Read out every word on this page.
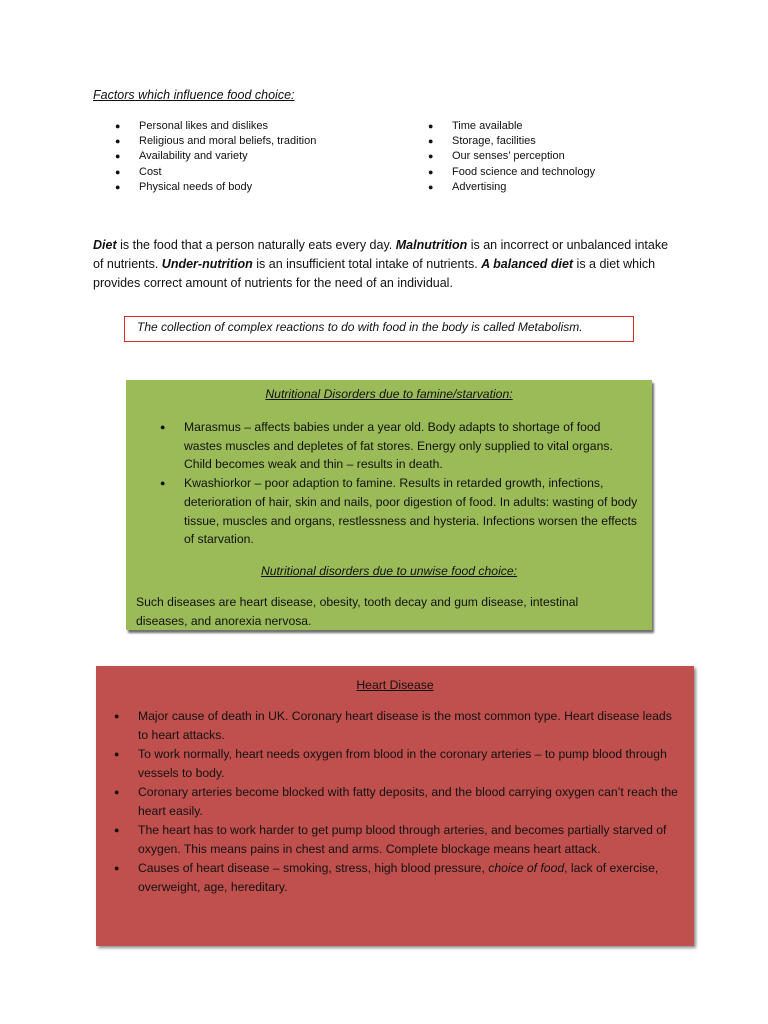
Factors which influence food choice:
●	Personal likes and dislikes
●	Religious and moral beliefs, tradition
●	Availability and variety
●	Cost
●	Physical needs of body
●	Time available
●	Storage, facilities
●	Our senses’ perception
●	Food science and technology
●	Advertising
Diet is the food that a person naturally eats every day. Malnutrition is an incorrect or unbalanced intake of nutrients. Under-nutrition is an insufficient total intake of nutrients. A balanced diet is a diet which provides correct amount of nutrients for the need of an individual.
The collection of complex reactions to do with food in the body is called Metabolism.
Nutritional Disorders due to famine/starvation:
●	Marasmus – affects babies under a year old. Body adapts to shortage of food wastes muscles and depletes of fat stores. Energy only supplied to vital organs. Child becomes weak and thin – results in death.
●	Kwashiorkor – poor adaption to famine. Results in retarded growth, infections, deterioration of hair, skin and nails, poor digestion of food. In adults: wasting of body tissue, muscles and organs, restlessness and hysteria. Infections worsen the effects of starvation.
Nutritional disorders due to unwise food choice:
Such diseases are heart disease, obesity, tooth decay and gum disease, intestinal diseases, and anorexia nervosa.
Heart Disease
●	Major cause of death in UK. Coronary heart disease is the most common type. Heart disease leads to heart attacks.
●	To work normally, heart needs oxygen from blood in the coronary arteries – to pump blood through vessels to body.
●	Coronary arteries become blocked with fatty deposits, and the blood carrying oxygen can’t reach the heart easily.
●	The heart has to work harder to get pump blood through arteries, and becomes partially starved of oxygen. This means pains in chest and arms. Complete blockage means heart attack.
●	Causes of heart disease – smoking, stress, high blood pressure, choice of food, lack of exercise, overweight, age, hereditary.
